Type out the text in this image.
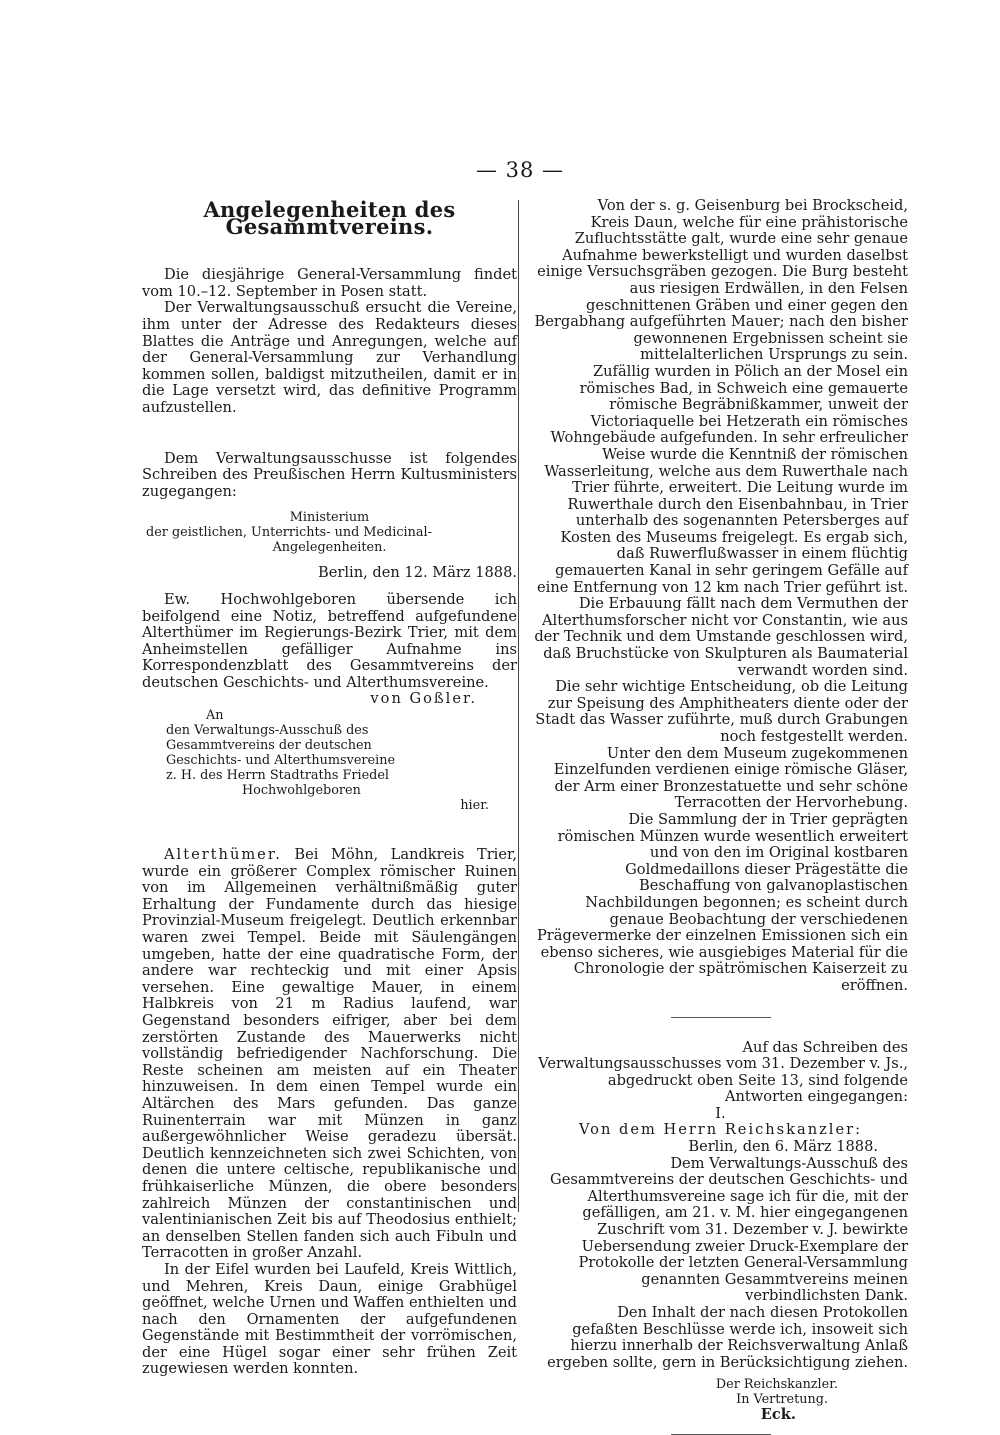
— 38 —
Angelegenheiten des Gesammtvereins.

Die diesjährige General-Versammlung findet vom 10.–12. September in Posen statt.

Der Verwaltungsausschuß ersucht die Vereine, ihm unter der Adresse des Redakteurs dieses Blattes die Anträge und Anregungen, welche auf der General-Versammlung zur Verhandlung kommen sollen, baldigst mitzutheilen, damit er in die Lage versetzt wird, das definitive Programm aufzustellen.

Dem Verwaltungsausschusse ist folgendes Schreiben des Preußischen Herrn Kultusministers zugegangen:

Ministerium
der geistlichen, Unterrichts- und Medicinal-
Angelegenheiten.
Berlin, den 12. März 1888.

Ew. Hochwohlgeboren übersende ich beifolgend eine Notiz, betreffend aufgefundene Alterthümer im Regierungs-Bezirk Trier, mit dem Anheimstellen gefälliger Aufnahme ins Korrespondenzblatt des Gesammtvereins der deutschen Geschichts- und Alterthumsvereine.

von Goßler.
An
den Verwaltungs-Ausschuß des
Gesammtvereins der deutschen
Geschichts- und Alterthumsvereine
z. H. des Herrn Stadtraths Friedel
Hochwohlgeboren
hier.

Alterthümer. Bei Möhn, Landkreis Trier, wurde ein größerer Complex römischer Ruinen von im Allgemeinen verhältnißmäßig guter Erhaltung der Fundamente durch das hiesige Provinzial-Museum freigelegt. Deutlich erkennbar waren zwei Tempel. Beide mit Säulengängen umgeben, hatte der eine quadratische Form, der andere war rechteckig und mit einer Apsis versehen. Eine gewaltige Mauer, in einem Halbkreis von 21 m Radius laufend, war Gegenstand besonders eifriger, aber bei dem zerstörten Zustande des Mauerwerks nicht vollständig befriedigender Nachforschung. Die Reste scheinen am meisten auf ein Theater hinzuweisen. In dem einen Tempel wurde ein Altärchen des Mars gefunden. Das ganze Ruinenterrain war mit Münzen in ganz außergewöhnlicher Weise geradezu übersät. Deutlich kennzeichneten sich zwei Schichten, von denen die untere celtische, republikanische und frühkaiserliche Münzen, die obere besonders zahlreich Münzen der constantinischen und valentinianischen Zeit bis auf Theodosius enthielt; an denselben Stellen fanden sich auch Fibuln und Terracotten in großer Anzahl.

In der Eifel wurden bei Laufeld, Kreis Wittlich, und Mehren, Kreis Daun, einige Grabhügel geöffnet, welche Urnen und Waffen enthielten und nach den Ornamenten der aufgefundenen Gegenstände mit Bestimmtheit der vorrömischen, der eine Hügel sogar einer sehr frühen Zeit zugewiesen werden konnten.

Von der s. g. Geisenburg bei Brockscheid, Kreis Daun, welche für eine prähistorische Zufluchtsstätte galt, wurde eine sehr genaue Aufnahme bewerkstelligt und wurden daselbst einige Versuchsgräben gezogen. Die Burg besteht aus riesigen Erdwällen, in den Felsen geschnittenen Gräben und einer gegen den Bergabhang aufgeführten Mauer; nach den bisher gewonnenen Ergebnissen scheint sie mittelalterlichen Ursprungs zu sein.

Zufällig wurden in Pölich an der Mosel ein römisches Bad, in Schweich eine gemauerte römische Begräbnißkammer, unweit der Victoriaquelle bei Hetzerath ein römisches Wohngebäude aufgefunden. In sehr erfreulicher Weise wurde die Kenntniß der römischen Wasserleitung, welche aus dem Ruwerthale nach Trier führte, erweitert. Die Leitung wurde im Ruwerthale durch den Eisenbahnbau, in Trier unterhalb des sogenannten Petersberges auf Kosten des Museums freigelegt. Es ergab sich, daß Ruwerflußwasser in einem flüchtig gemauerten Kanal in sehr geringem Gefälle auf eine Entfernung von 12 km nach Trier geführt ist. Die Erbauung fällt nach dem Vermuthen der Alterthumsforscher nicht vor Constantin, wie aus der Technik und dem Umstande geschlossen wird, daß Bruchstücke von Skulpturen als Baumaterial verwandt worden sind.

Die sehr wichtige Entscheidung, ob die Leitung zur Speisung des Amphitheaters diente oder der Stadt das Wasser zuführte, muß durch Grabungen noch festgestellt werden.

Unter den dem Museum zugekommenen Einzelfunden verdienen einige römische Gläser, der Arm einer Bronzestatuette und sehr schöne Terracotten der Hervorhebung.

Die Sammlung der in Trier geprägten römischen Münzen wurde wesentlich erweitert und von den im Original kostbaren Goldmedaillons dieser Prägestätte die Beschaffung von galvanoplastischen Nachbildungen begonnen; es scheint durch genaue Beobachtung der verschiedenen Prägevermerke der einzelnen Emissionen sich ein ebenso sicheres, wie ausgiebiges Material für die Chronologie der spätrömischen Kaiserzeit zu eröffnen.

Auf das Schreiben des Verwaltungsausschusses vom 31. Dezember v. Js., abgedruckt oben Seite 13, sind folgende Antworten eingegangen:

I.
Von dem Herrn Reichskanzler:
Berlin, den 6. März 1888.

Dem Verwaltungs-Ausschuß des Gesammtvereins der deutschen Geschichts- und Alterthumsvereine sage ich für die, mit der gefälligen, am 21. v. M. hier eingegangenen Zuschrift vom 31. Dezember v. J. bewirkte Uebersendung zweier Druck-Exemplare der Protokolle der letzten General-Versammlung genannten Gesammtvereins meinen verbindlichsten Dank.

Den Inhalt der nach diesen Protokollen gefaßten Beschlüsse werde ich, insoweit sich hierzu innerhalb der Reichsverwaltung Anlaß ergeben sollte, gern in Berücksichtigung ziehen.

Der Reichskanzler.
In Vertretung.
Eck.
